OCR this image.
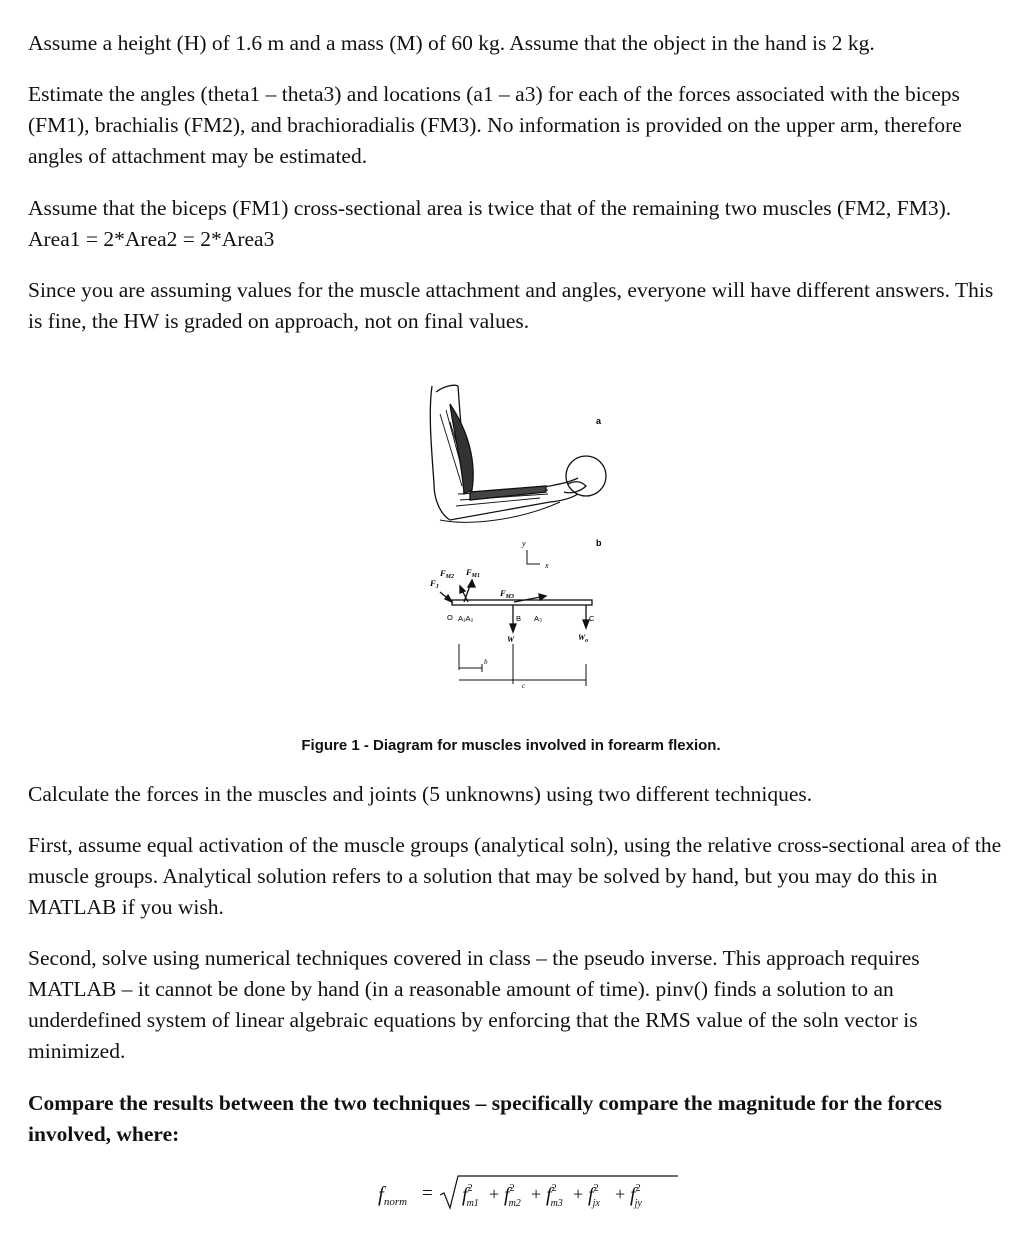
Assume a height (H) of 1.6 m and a mass (M) of 60 kg. Assume that the object in the hand is 2 kg.

Estimate the angles (theta1 – theta3) and locations (a1 – a3) for each of the forces associated with the biceps (FM1), brachialis (FM2), and brachioradialis (FM3). No information is provided on the upper arm, therefore angles of attachment may be estimated.

Assume that the biceps (FM1) cross-sectional area is twice that of the remaining two muscles (FM2, FM3). Area1 = 2*Area2 = 2*Area3

Since you are assuming values for the muscle attachment and angles, everyone will have different answers. This is fine, the HW is graded on approach, not on final values.

a
b
y
x
$F_J$
$F_{M2}$ $F_{M1}$
$F_{M3}$
O A₁A₂	B A₃	C
W	$W_o$
b
c
Figure 1 - Diagram for muscles involved in forearm flexion.

Calculate the forces in the muscles and joints (5 unknowns) using two different techniques.

First, assume equal activation of the muscle groups (analytical soln), using the relative cross-sectional area of the muscle groups. Analytical solution refers to a solution that may be solved by hand, but you may do this in MATLAB if you wish.

Second, solve using numerical techniques covered in class – the pseudo inverse. This approach requires MATLAB – it cannot be done by hand (in a reasonable amount of time). pinv() finds a solution to an underdefined system of linear algebraic equations by enforcing that the RMS value of the soln vector is minimized.

Compare the results between the two techniques – specifically compare the magnitude for the forces involved, where:

fnorm = $f^2$ $m1 + f^2$ $m2 + f^2$ $m3 + f^2$ jx + $f^2$ jy
